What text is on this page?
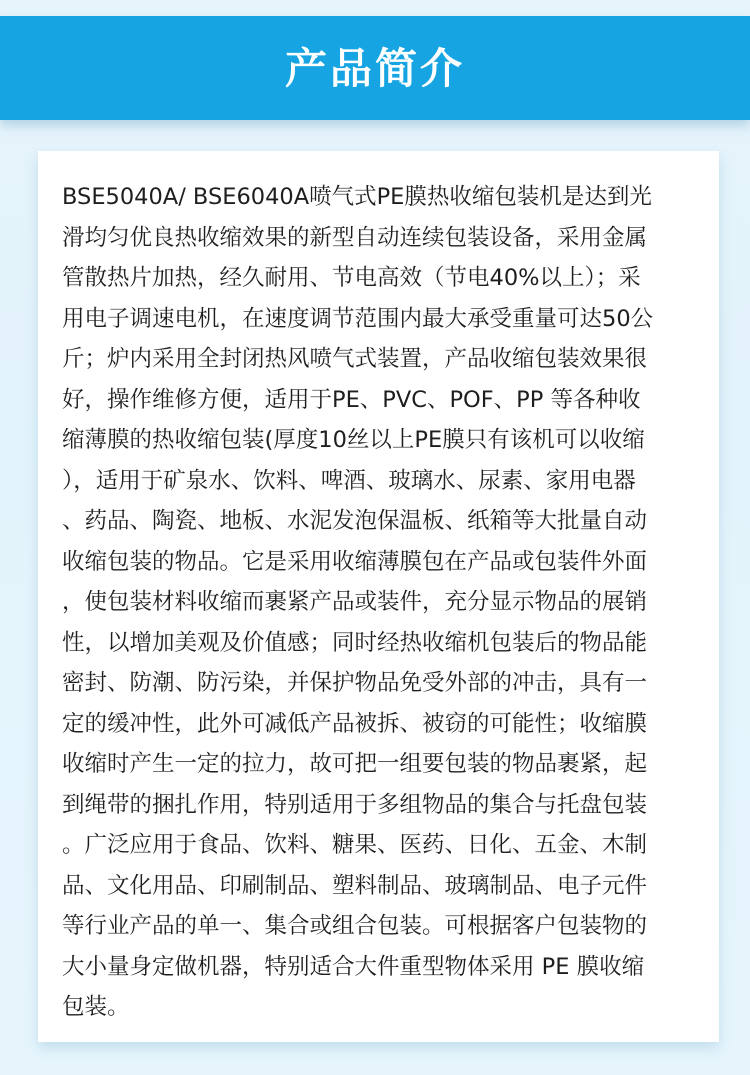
产品简介

BSE5040A/ BSE6040A喷气式PE膜热收缩包装机是达到光
滑均匀优良热收缩效果的新型自动连续包装设备，采用金属
管散热片加热，经久耐用、节电高效（节电40%以上）；采
用电子调速电机，在速度调节范围内最大承受重量可达50公
斤；炉内采用全封闭热风喷气式装置，产品收缩包装效果很
好，操作维修方便，适用于PE、PVC、POF、PP 等各种收
缩薄膜的热收缩包装(厚度10丝以上PE膜只有该机可以收缩
），适用于矿泉水、饮料、啤酒、玻璃水、尿素、家用电器
、药品、陶瓷、地板、水泥发泡保温板、纸箱等大批量自动
收缩包装的物品。它是采用收缩薄膜包在产品或包装件外面
，使包装材料收缩而裹紧产品或装件，充分显示物品的展销
性，以增加美观及价值感；同时经热收缩机包装后的物品能
密封、防潮、防污染，并保护物品免受外部的冲击，具有一
定的缓冲性，此外可减低产品被拆、被窃的可能性；收缩膜
收缩时产生一定的拉力，故可把一组要包装的物品裹紧，起
到绳带的捆扎作用，特别适用于多组物品的集合与托盘包装
。广泛应用于食品、饮料、糖果、医药、日化、五金、木制
品、文化用品、印刷制品、塑料制品、玻璃制品、电子元件
等行业产品的单一、集合或组合包装。可根据客户包装物的
大小量身定做机器，特别适合大件重型物体采用 PE 膜收缩
包装。
